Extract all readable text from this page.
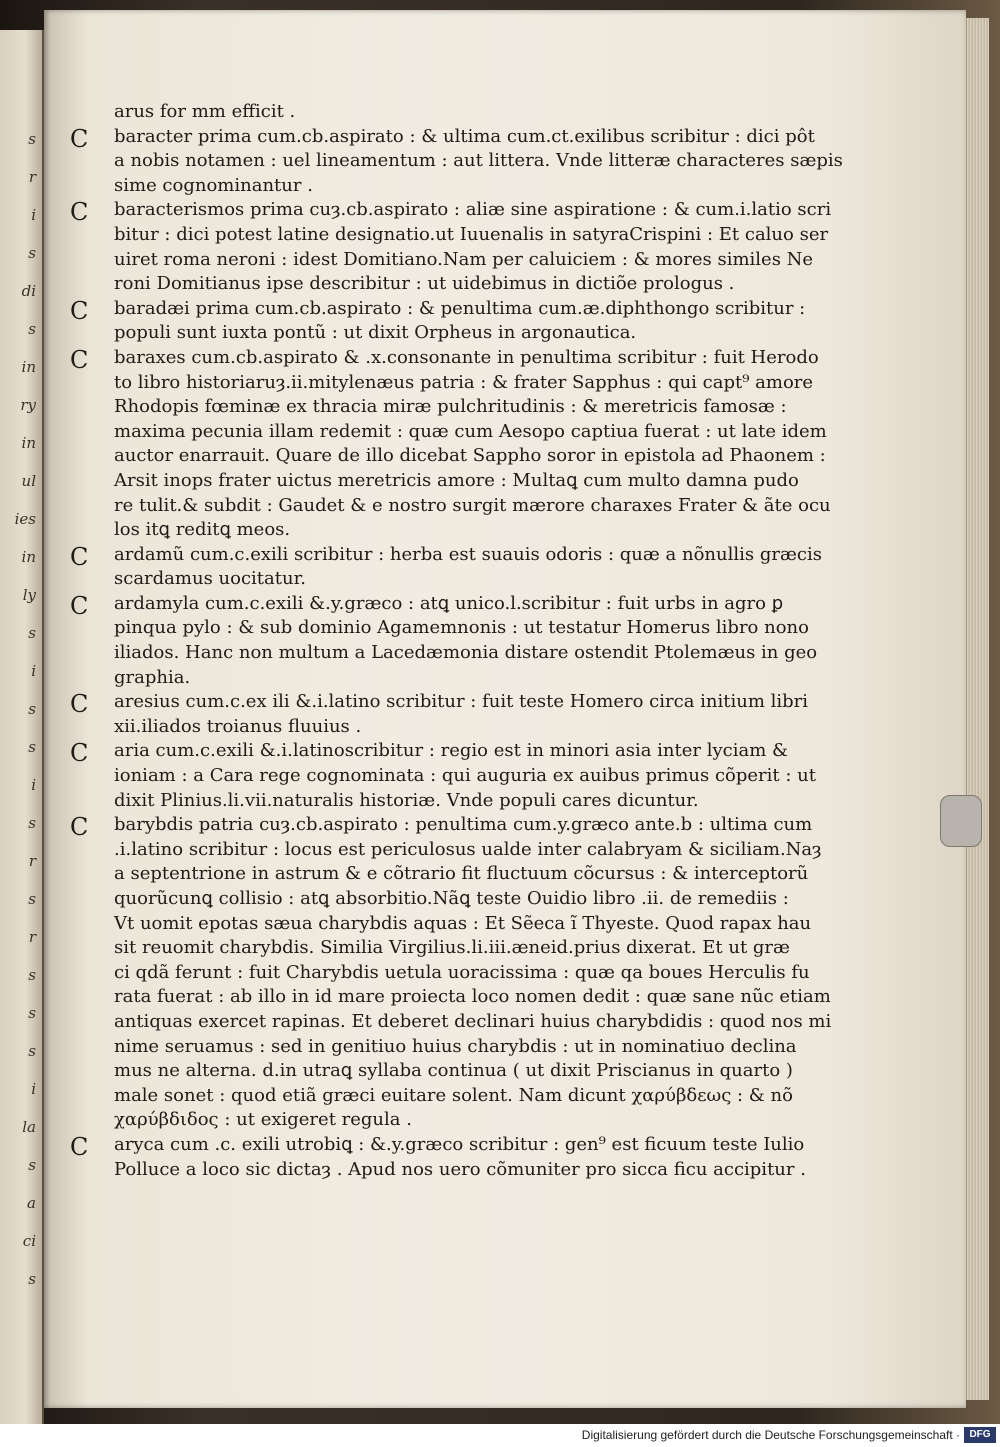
s
r
i
s
di
s
in
ry
in
ul
ies
in
ly
s
i
s
s
i
s
r
s
r
s
s
s
i
la
s
a
ci
s

arus for mm efficit .

C baracter prima cum.cb.aspirato : & ultima cum.ct.exilibus scribitur : dici pôt
a nobis notamen : uel lineamentum : aut littera. Vnde litteræ characteres sæpis
sime cognominantur .

C baracterismos prima cuȝ.cb.aspirato : aliæ sine aspiratione : & cum.i.latio scri
bitur : dici potest latine designatio.ut Iuuenalis in satyraCrispini : Et caluo ser
uiret roma neroni : idest Domitiano.Nam per caluiciem : & mores similes Ne
roni Domitianus ipse describitur : ut uidebimus in dictiõe prologus .

C baradæi prima cum.cb.aspirato : & penultima cum.æ.diphthongo scribitur :
populi sunt iuxta pontũ : ut dixit Orpheus in argonautica.

C baraxes cum.cb.aspirato & .x.consonante in penultima scribitur : fuit Herodo
to libro historiaruȝ.ii.mitylenæus patria : & frater Sapphus : qui capt⁹ amore
Rhodopis fœminæ ex thracia miræ pulchritudinis : & meretricis famosæ :
maxima pecunia illam redemit : quæ cum Aesopo captiua fuerat : ut late idem
auctor enarrauit. Quare de illo dicebat Sappho soror in epistola ad Phaonem :
Arsit inops frater uictus meretricis amore : Multaꝗ cum multo damna pudo
re tulit.& subdit : Gaudet & e nostro surgit mærore charaxes Frater & ãte ocu
los itꝗ reditꝗ meos.

C ardamũ cum.c.exili scribitur : herba est suauis odoris : quæ a nõnullis græcis
scardamus uocitatur.

C ardamyla cum.c.exili &.y.græco : atꝗ unico.l.scribitur : fuit urbs in agro ꝑ
pinqua pylo : & sub dominio Agamemnonis : ut testatur Homerus libro nono
iliados. Hanc non multum a Lacedæmonia distare ostendit Ptolemæus in geo
graphia.

C aresius cum.c.ex ili &.i.latino scribitur : fuit teste Homero circa initium libri
xii.iliados troianus fluuius .

C aria cum.c.exili &.i.latinoscribitur : regio est in minori asia inter lyciam &
ioniam : a Cara rege cognominata : qui auguria ex auibus primus cõperit : ut
dixit Plinius.li.vii.naturalis historiæ. Vnde populi cares dicuntur.

C barybdis patria cuȝ.cb.aspirato : penultima cum.y.græco ante.b : ultima cum
.i.latino scribitur : locus est periculosus ualde inter calabryam & siciliam.Naȝ
a septentrione in astrum & e cõtrario fit fluctuum cõcursus : & interceptorũ
quorũcunꝗ collisio : atꝗ absorbitio.Nãꝗ teste Ouidio libro .ii. de remediis :
Vt uomit epotas sæua charybdis aquas : Et Sẽeca ĩ Thyeste. Quod rapax hau
sit reuomit charybdis. Similia Virgilius.li.iii.æneid.prius dixerat. Et ut græ
ci qdã ferunt : fuit Charybdis uetula uoracissima : quæ qa boues Herculis fu
rata fuerat : ab illo in id mare proiecta loco nomen dedit : quæ sane nũc etiam
antiquas exercet rapinas. Et deberet declinari huius charybdidis : quod nos mi
nime seruamus : sed in genitiuo huius charybdis : ut in nominatiuo declina
mus ne alterna. d.in utraꝗ syllaba continua ( ut dixit Priscianus in quarto )
male sonet : quod etiã græci euitare solent. Nam dicunt χαρύβδεως : & nõ
χαρύβδιδος : ut exigeret regula .

C aryca cum .c. exili utrobiꝗ : &.y.græco scribitur : gen⁹ est ficuum teste Iulio
Polluce a loco sic dictaȝ . Apud nos uero cõmuniter pro sicca ficu accipitur .

Digitalisierung gefördert durch die Deutsche Forschungsgemeinschaft · DFG
